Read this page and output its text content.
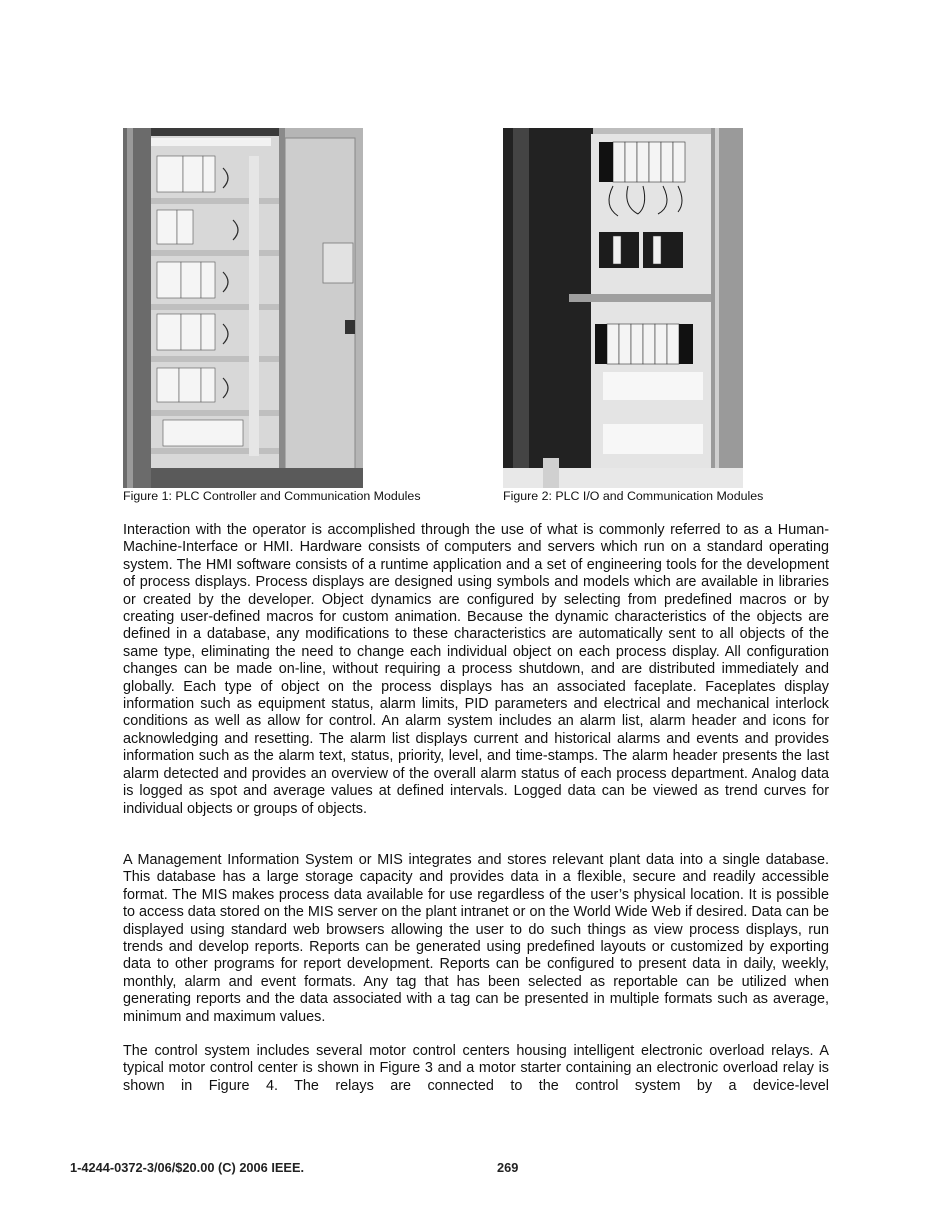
Figure 1: PLC Controller and Communication Modules	Figure 2: PLC I/O and Communication Modules

Interaction with the operator is accomplished through the use of what is commonly referred to as a Human-Machine-Interface or HMI. Hardware consists of computers and servers which run on a standard operating system. The HMI software consists of a runtime application and a set of engineering tools for the development of process displays. Process displays are designed using symbols and models which are available in libraries or created by the developer. Object dynamics are configured by selecting from predefined macros or by creating user-defined macros for custom animation. Because the dynamic characteristics of the objects are defined in a database, any modifications to these characteristics are automatically sent to all objects of the same type, eliminating the need to change each individual object on each process display. All configuration changes can be made on-line, without requiring a process shutdown, and are distributed immediately and globally. Each type of object on the process displays has an associated faceplate. Faceplates display information such as equipment status, alarm limits, PID parameters and electrical and mechanical interlock conditions as well as allow for control. An alarm system includes an alarm list, alarm header and icons for acknowledging and resetting. The alarm list displays current and historical alarms and events and provides information such as the alarm text, status, priority, level, and time-stamps. The alarm header presents the last alarm detected and provides an overview of the overall alarm status of each process department. Analog data is logged as spot and average values at defined intervals. Logged data can be viewed as trend curves for individual objects or groups of objects.

A Management Information System or MIS integrates and stores relevant plant data into a single database. This database has a large storage capacity and provides data in a flexible, secure and readily accessible format. The MIS makes process data available for use regardless of the user’s physical location. It is possible to access data stored on the MIS server on the plant intranet or on the World Wide Web if desired. Data can be displayed using standard web browsers allowing the user to do such things as view process displays, run trends and develop reports. Reports can be generated using predefined layouts or customized by exporting data to other programs for report development. Reports can be configured to present data in daily, weekly, monthly, alarm and event formats. Any tag that has been selected as reportable can be utilized when generating reports and the data associated with a tag can be presented in multiple formats such as average, minimum and maximum values.

The control system includes several motor control centers housing intelligent electronic overload relays. A typical motor control center is shown in Figure 3 and a motor starter containing an electronic overload relay is shown in Figure 4. The relays are connected to the control system by a device-level

1-4244-0372-3/06/$20.00 (C) 2006 IEEE.	269
